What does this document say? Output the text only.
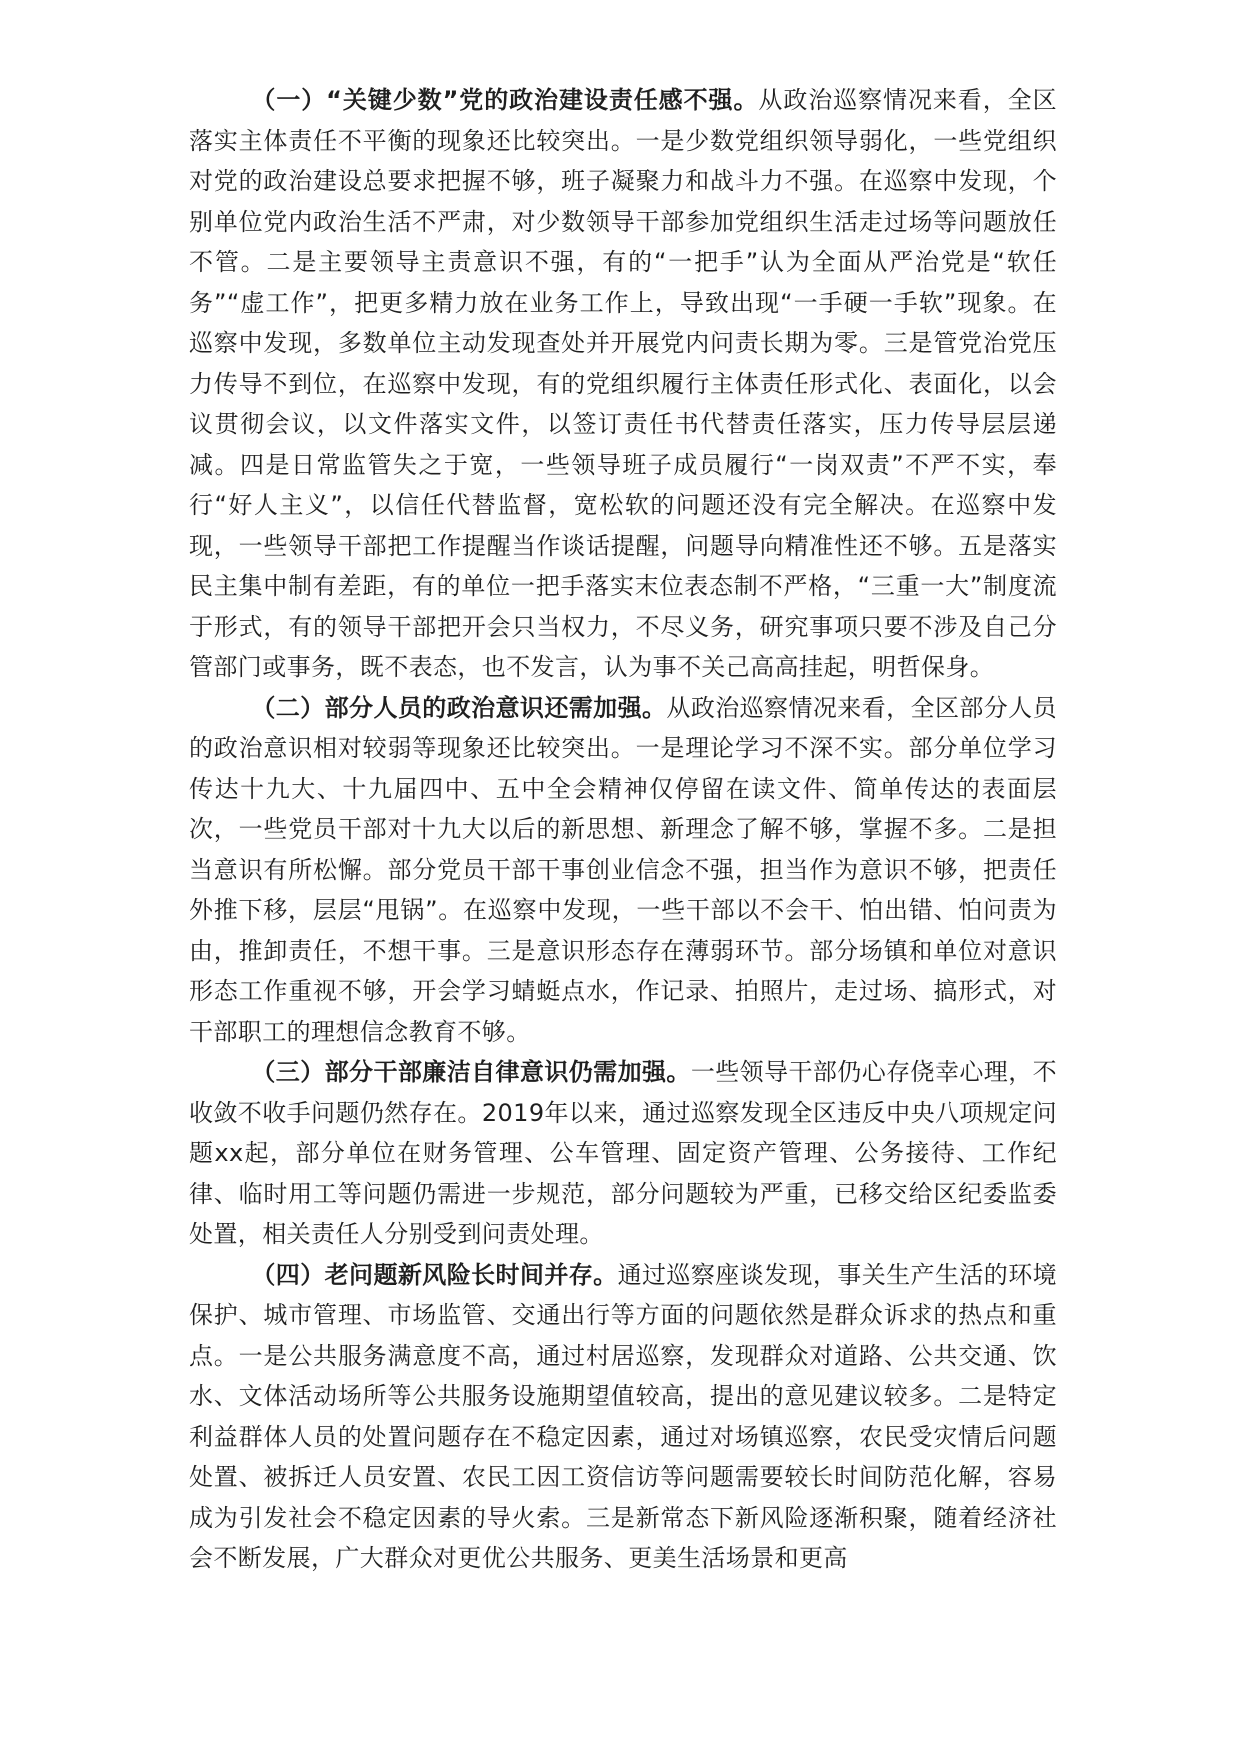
（一）“关键少数”党的政治建设责任感不强。从政治巡察情况来看，全区落实主体责任不平衡的现象还比较突出。一是少数党组织领导弱化，一些党组织对党的政治建设总要求把握不够，班子凝聚力和战斗力不强。在巡察中发现，个别单位党内政治生活不严肃，对少数领导干部参加党组织生活走过场等问题放任不管。二是主要领导主责意识不强，有的“一把手”认为全面从严治党是“软任务”“虚工作”，把更多精力放在业务工作上，导致出现“一手硬一手软”现象。在巡察中发现，多数单位主动发现查处并开展党内问责长期为零。三是管党治党压力传导不到位，在巡察中发现，有的党组织履行主体责任形式化、表面化，以会议贯彻会议，以文件落实文件，以签订责任书代替责任落实，压力传导层层递减。四是日常监管失之于宽，一些领导班子成员履行“一岗双责”不严不实，奉行“好人主义”，以信任代替监督，宽松软的问题还没有完全解决。在巡察中发现，一些领导干部把工作提醒当作谈话提醒，问题导向精准性还不够。五是落实民主集中制有差距，有的单位一把手落实末位表态制不严格，“三重一大”制度流于形式，有的领导干部把开会只当权力，不尽义务，研究事项只要不涉及自己分管部门或事务，既不表态，也不发言，认为事不关己高高挂起，明哲保身。

（二）部分人员的政治意识还需加强。从政治巡察情况来看，全区部分人员的政治意识相对较弱等现象还比较突出。一是理论学习不深不实。部分单位学习传达十九大、十九届四中、五中全会精神仅停留在读文件、简单传达的表面层次，一些党员干部对十九大以后的新思想、新理念了解不够，掌握不多。二是担当意识有所松懈。部分党员干部干事创业信念不强，担当作为意识不够，把责任外推下移，层层“甩锅”。在巡察中发现，一些干部以不会干、怕出错、怕问责为由，推卸责任，不想干事。三是意识形态存在薄弱环节。部分场镇和单位对意识形态工作重视不够，开会学习蜻蜓点水，作记录、拍照片，走过场、搞形式，对干部职工的理想信念教育不够。

（三）部分干部廉洁自律意识仍需加强。一些领导干部仍心存侥幸心理，不收敛不收手问题仍然存在。2019年以来，通过巡察发现全区违反中央八项规定问题xx起，部分单位在财务管理、公车管理、固定资产管理、公务接待、工作纪律、临时用工等问题仍需进一步规范，部分问题较为严重，已移交给区纪委监委处置，相关责任人分别受到问责处理。

（四）老问题新风险长时间并存。通过巡察座谈发现，事关生产生活的环境保护、城市管理、市场监管、交通出行等方面的问题依然是群众诉求的热点和重点。一是公共服务满意度不高，通过村居巡察，发现群众对道路、公共交通、饮水、文体活动场所等公共服务设施期望值较高，提出的意见建议较多。二是特定利益群体人员的处置问题存在不稳定因素，通过对场镇巡察，农民受灾情后问题处置、被拆迁人员安置、农民工因工资信访等问题需要较长时间防范化解，容易成为引发社会不稳定因素的导火索。三是新常态下新风险逐渐积聚，随着经济社会不断发展，广大群众对更优公共服务、更美生活场景和更高
